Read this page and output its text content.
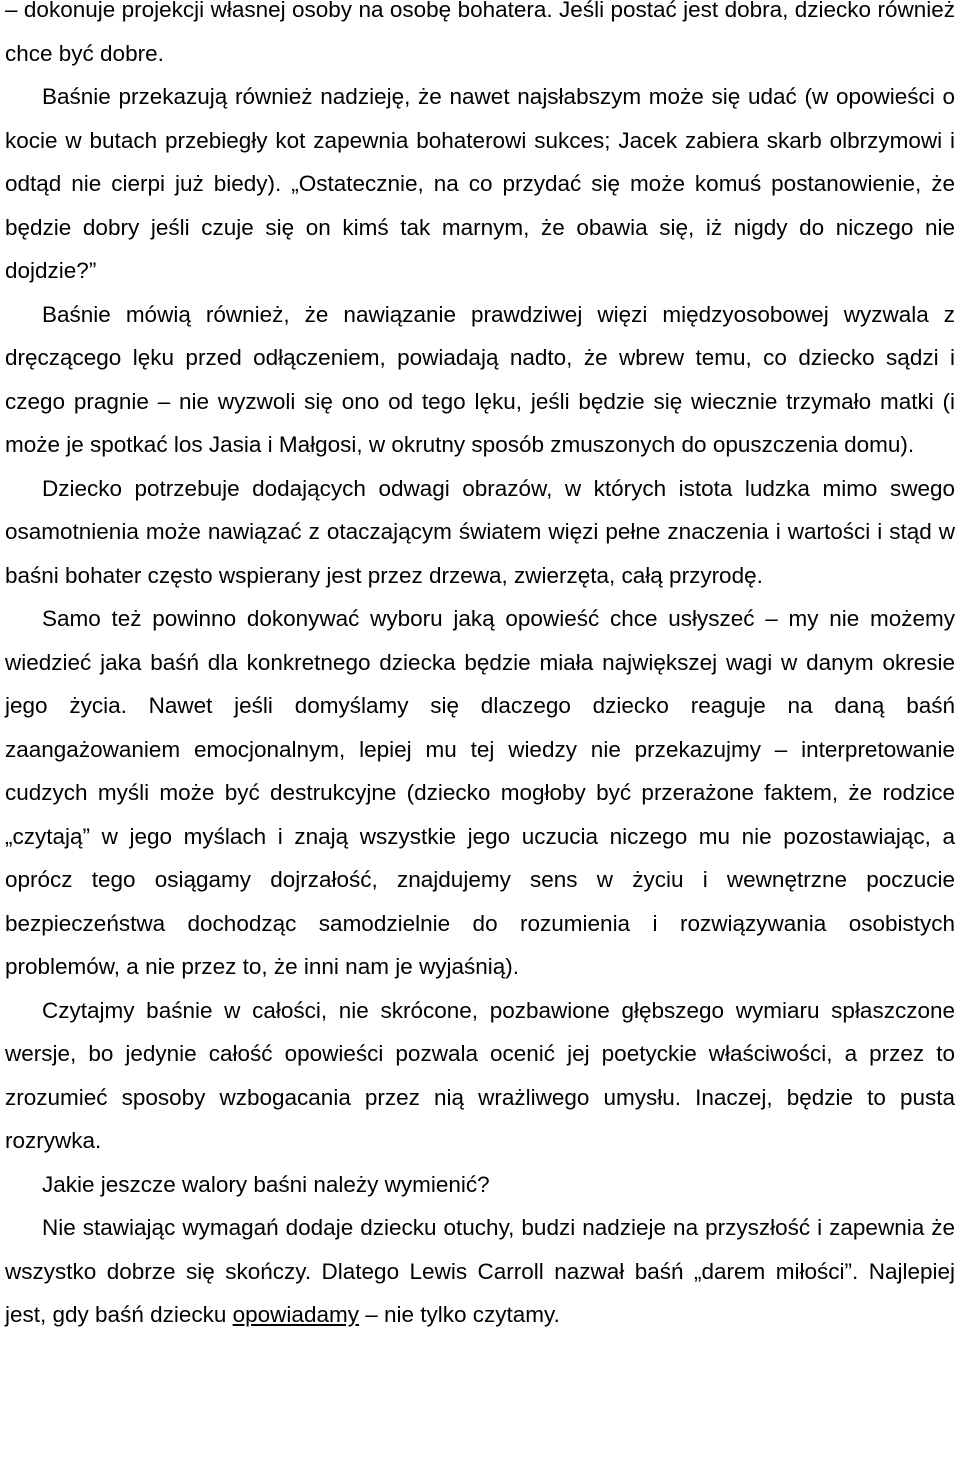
– dokonuje projekcji własnej osoby na osobę bohatera. Jeśli postać jest dobra, dziecko również chce być dobre.

Baśnie przekazują również nadzieję, że nawet najsłabszym może się udać (w opowieści o kocie w butach przebiegły kot zapewnia bohaterowi sukces; Jacek zabiera skarb olbrzymowi i odtąd nie cierpi już biedy). „Ostatecznie, na co przydać się może komuś postanowienie, że będzie dobry jeśli czuje się on kimś tak marnym, że obawia się, iż nigdy do niczego nie dojdzie?”

Baśnie mówią również, że nawiązanie prawdziwej więzi międzyosobowej wyzwala z dręczącego lęku przed odłączeniem, powiadają nadto, że wbrew temu, co dziecko sądzi i czego pragnie – nie wyzwoli się ono od tego lęku, jeśli będzie się wiecznie trzymało matki (i może je spotkać los Jasia i Małgosi, w okrutny sposób zmuszonych do opuszczenia domu).

Dziecko potrzebuje dodających odwagi obrazów, w których istota ludzka mimo swego osamotnienia może nawiązać z otaczającym światem więzi pełne znaczenia i wartości i stąd w baśni bohater często wspierany jest przez drzewa, zwierzęta, całą przyrodę.

Samo też powinno dokonywać wyboru jaką opowieść chce usłyszeć – my nie możemy wiedzieć jaka baśń dla konkretnego dziecka będzie miała największej wagi w danym okresie jego życia. Nawet jeśli domyślamy się dlaczego dziecko reaguje na daną baśń zaangażowaniem emocjonalnym, lepiej mu tej wiedzy nie przekazujmy – interpretowanie cudzych myśli może być destrukcyjne (dziecko mogłoby być przerażone faktem, że rodzice „czytają” w jego myślach i znają wszystkie jego uczucia niczego mu nie pozostawiając, a oprócz tego osiągamy dojrzałość, znajdujemy sens w życiu i wewnętrzne poczucie bezpieczeństwa dochodząc samodzielnie do rozumienia i rozwiązywania osobistych problemów, a nie przez to, że inni nam je wyjaśnią).

Czytajmy baśnie w całości, nie skrócone, pozbawione głębszego wymiaru spłaszczone wersje, bo jedynie całość opowieści pozwala ocenić jej poetyckie właściwości, a przez to zrozumieć sposoby wzbogacania przez nią wrażliwego umysłu. Inaczej, będzie to pusta rozrywka.

Jakie jeszcze walory baśni należy wymienić?

Nie stawiając wymagań dodaje dziecku otuchy, budzi nadzieje na przyszłość i zapewnia że wszystko dobrze się skończy. Dlatego Lewis Carroll nazwał baśń „darem miłości”. Najlepiej jest, gdy baśń dziecku opowiadamy – nie tylko czytamy.
